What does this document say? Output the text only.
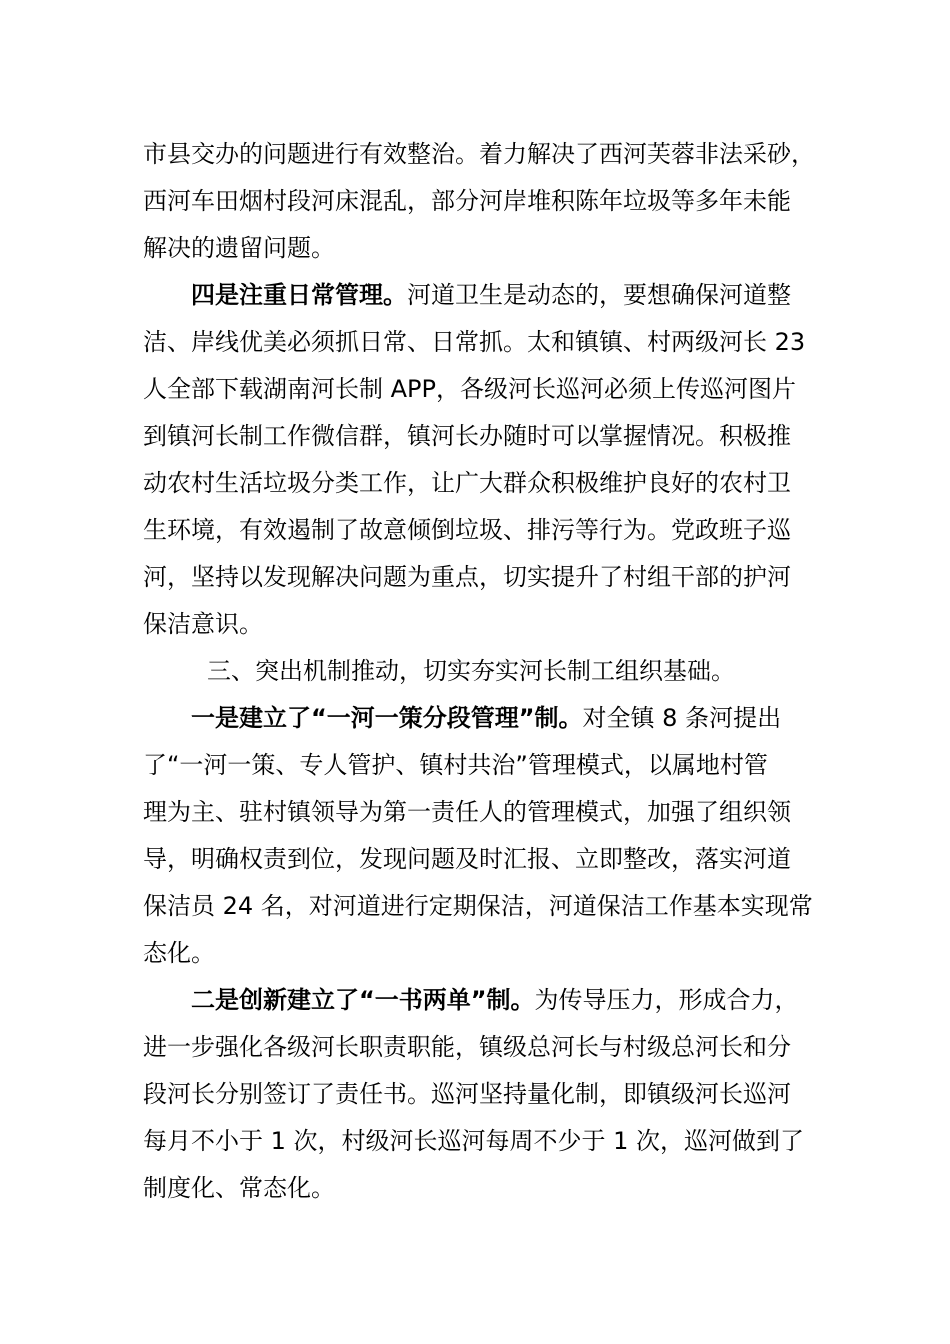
市县交办的问题进行有效整治。着力解决了西河芙蓉非法采砂，
西河车田烟村段河床混乱，部分河岸堆积陈年垃圾等多年未能
解决的遗留问题。
四是注重日常管理。河道卫生是动态的，要想确保河道整
洁、岸线优美必须抓日常、日常抓。太和镇镇、村两级河长 23
人全部下载湖南河长制 APP，各级河长巡河必须上传巡河图片
到镇河长制工作微信群，镇河长办随时可以掌握情况。积极推
动农村生活垃圾分类工作，让广大群众积极维护良好的农村卫
生环境，有效遏制了故意倾倒垃圾、排污等行为。党政班子巡
河，坚持以发现解决问题为重点，切实提升了村组干部的护河
保洁意识。
三、突出机制推动，切实夯实河长制工组织基础。
一是建立了“一河一策分段管理”制。对全镇 8 条河提出
了“一河一策、专人管护、镇村共治”管理模式，以属地村管
理为主、驻村镇领导为第一责任人的管理模式，加强了组织领
导，明确权责到位，发现问题及时汇报、立即整改，落实河道
保洁员 24 名，对河道进行定期保洁，河道保洁工作基本实现常
态化。
二是创新建立了“一书两单”制。为传导压力，形成合力，
进一步强化各级河长职责职能，镇级总河长与村级总河长和分
段河长分别签订了责任书。巡河坚持量化制，即镇级河长巡河
每月不小于 1 次，村级河长巡河每周不少于 1 次，巡河做到了
制度化、常态化。
